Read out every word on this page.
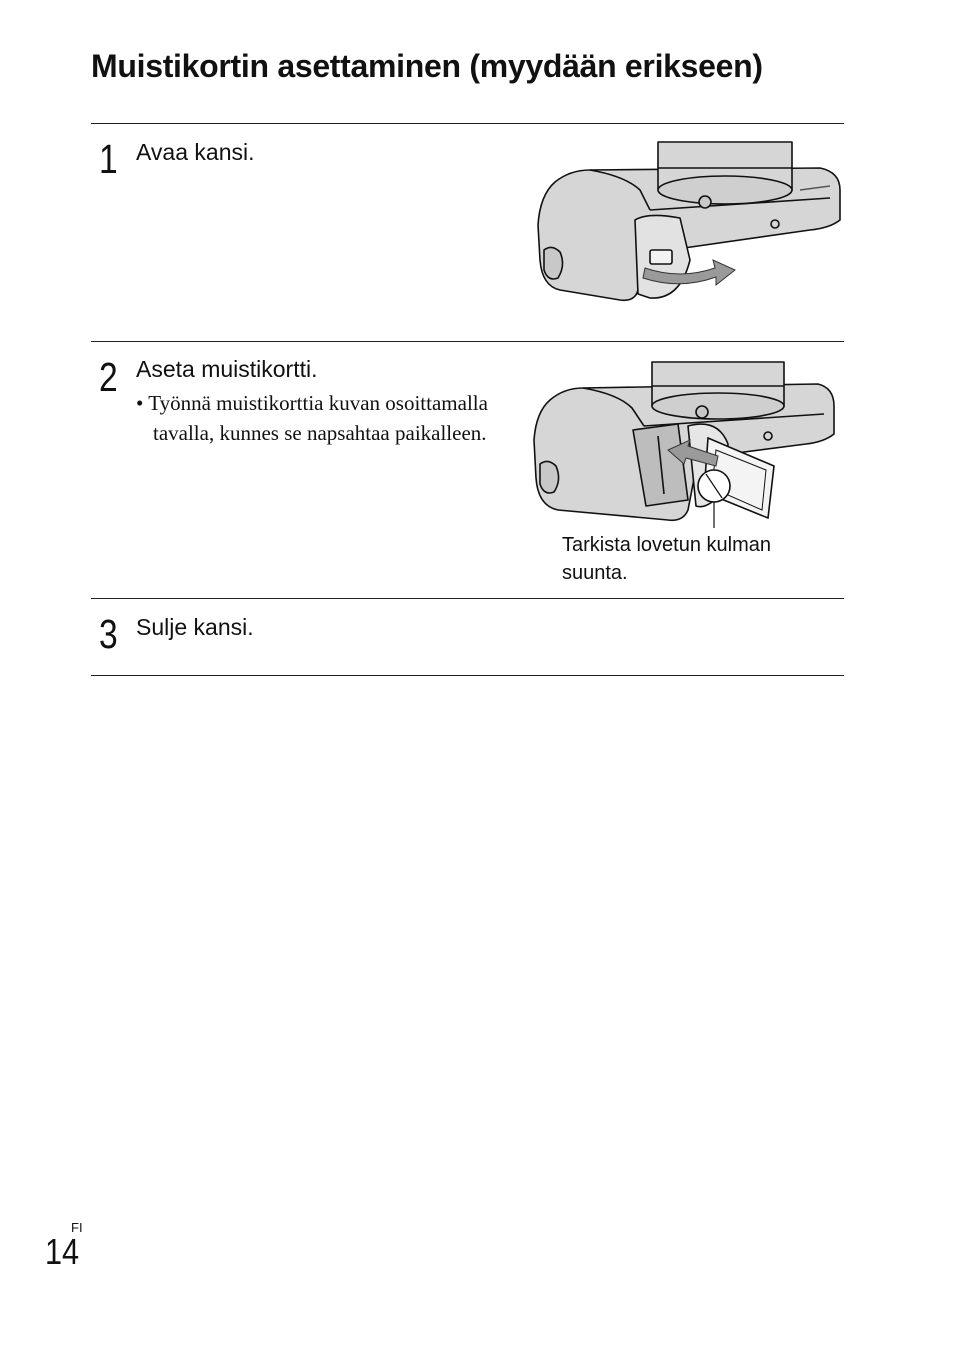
Muistikortin asettaminen (myydään erikseen)
1 Avaa kansi.
2 Aseta muistikortti.
• Työnnä muistikorttia kuvan osoittamalla tavalla, kunnes se napsahtaa paikalleen.
Tarkista lovetun kulman suunta.
3 Sulje kansi.
FI
14
